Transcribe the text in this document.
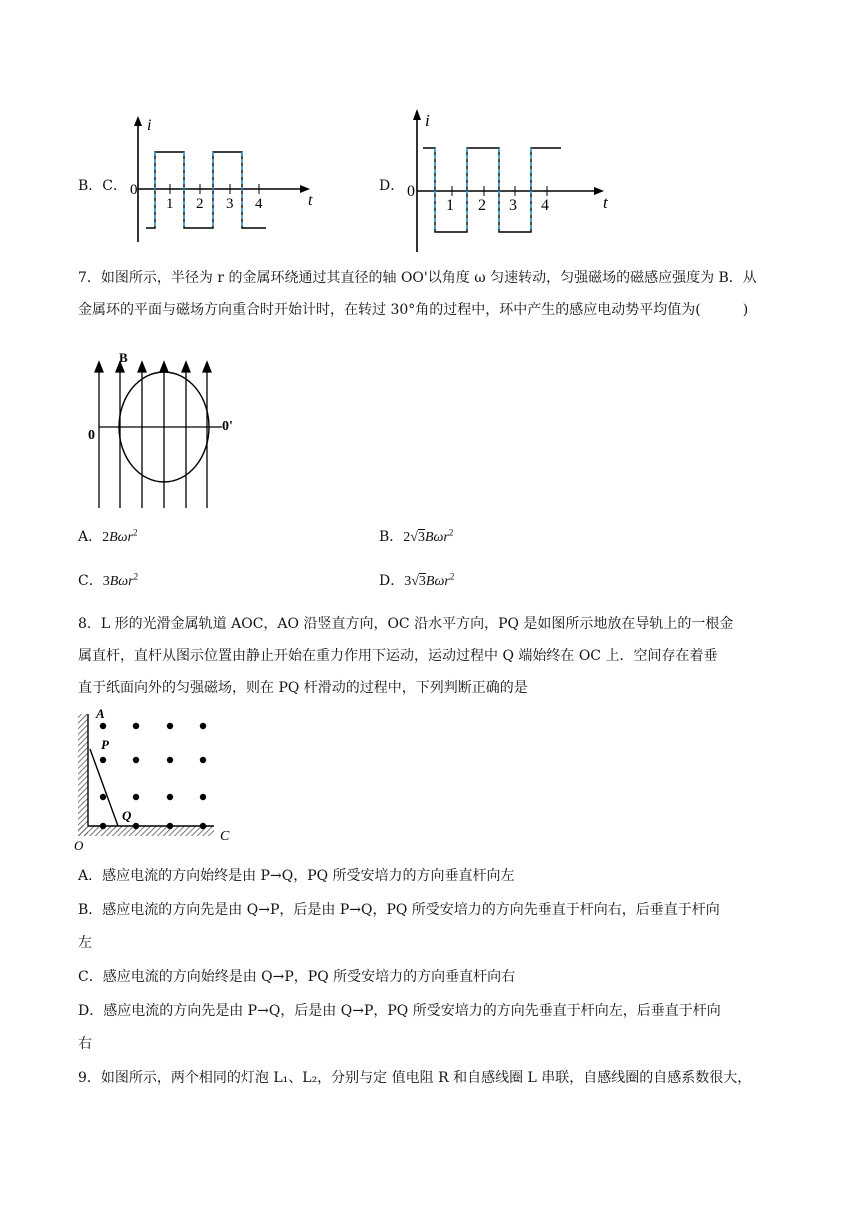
B．C．
i
t
0
1 2 3 4
D．
i
t
0
1 2 3 4
7．如图所示，半径为 r 的金属环绕通过其直径的轴 OO'以角度 ω 匀速转动，匀强磁场的磁感应强度为 B．从
金属环的平面与磁场方向重合时开始计时，在转过 30°角的过程中，环中产生的感应电动势平均值为(　　　)
B
0
0'
A．2Bωr$^2$	B．2√3Bωr$^2$
C．3Bωr$^2$	D．3√3Bωr$^2$
8．L 形的光滑金属轨道 AOC，AO 沿竖直方向，OC 沿水平方向，PQ 是如图所示地放在导轨上的一根金
属直杆，直杆从图示位置由静止开始在重力作用下运动，运动过程中 Q 端始终在 OC 上．空间存在着垂
直于纸面向外的匀强磁场，则在 PQ 杆滑动的过程中，下列判断正确的是
A
P
Q
C
O
A．感应电流的方向始终是由 P→Q，PQ 所受安培力的方向垂直杆向左
B．感应电流的方向先是由 Q→P，后是由 P→Q，PQ 所受安培力的方向先垂直于杆向右，后垂直于杆向
左
C．感应电流的方向始终是由 Q→P，PQ 所受安培力的方向垂直杆向右
D．感应电流的方向先是由 P→Q，后是由 Q→P，PQ 所受安培力的方向先垂直于杆向左，后垂直于杆向
右
9．如图所示，两个相同的灯泡 L₁、L₂，分别与定 值电阻 R 和自感线圈 L 串联，自感线圈的自感系数很大，
